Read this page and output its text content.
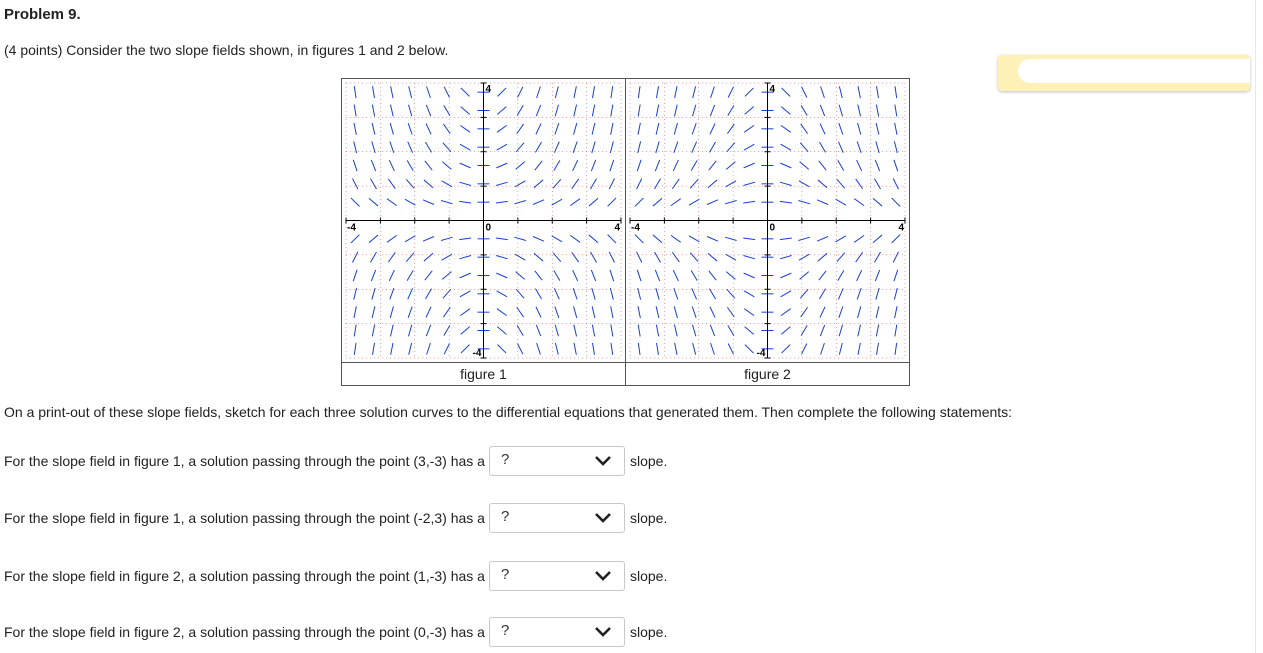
Problem 9.
(4 points) Consider the two slope fields shown, in figures 1 and 2 below.
4
-4
-4 4
0	4
-4
-4 4
0

figure 1	figure 2
On a print-out of these slope fields, sketch for each three solution curves to the differential equations that generated them. Then complete the following statements:
For the slope field in figure 1, a solution passing through the point (3,-3) has a ?	slope.
For the slope field in figure 1, a solution passing through the point (-2,3) has a ?	slope.
For the slope field in figure 2, a solution passing through the point (1,-3) has a ?	slope.
For the slope field in figure 2, a solution passing through the point (0,-3) has a ?	slope.
